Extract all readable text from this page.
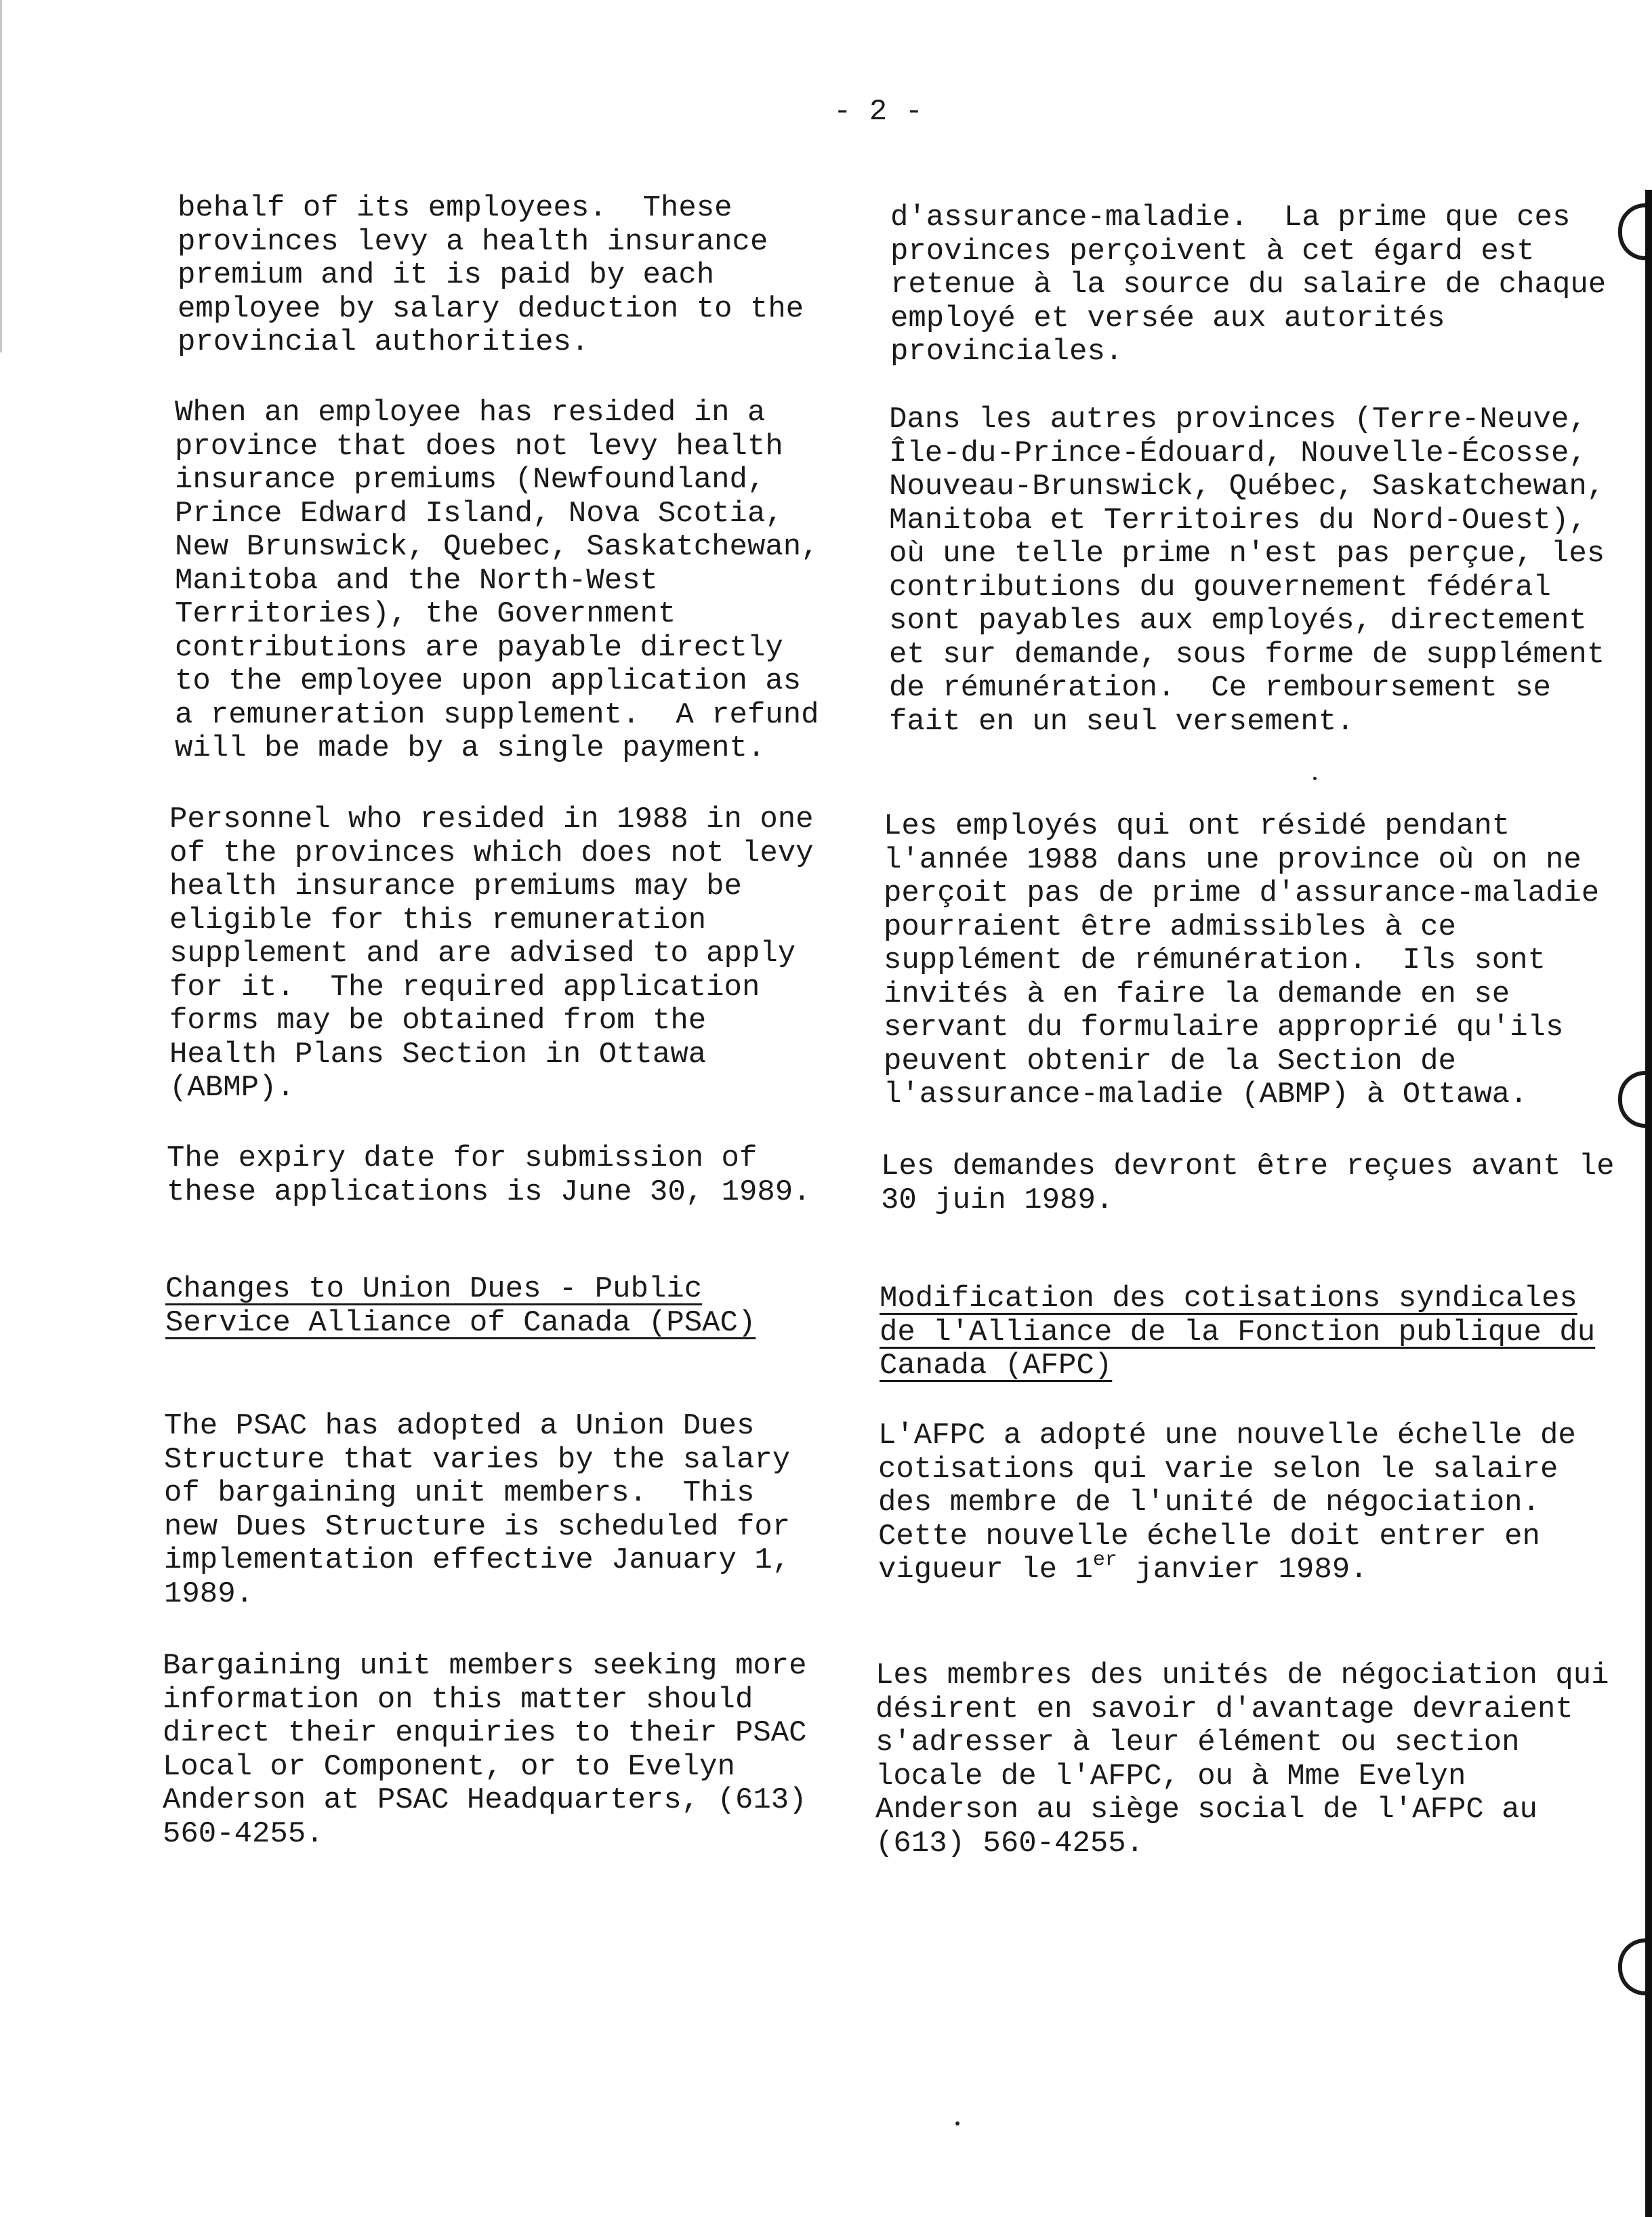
- 2 -
behalf of its employees.  These
provinces levy a health insurance
premium and it is paid by each
employee by salary deduction to the
provincial authorities.
When an employee has resided in a
province that does not levy health
insurance premiums (Newfoundland,
Prince Edward Island, Nova Scotia,
New Brunswick, Quebec, Saskatchewan,
Manitoba and the North-West
Territories), the Government
contributions are payable directly
to the employee upon application as
a remuneration supplement.  A refund
will be made by a single payment.
Personnel who resided in 1988 in one
of the provinces which does not levy
health insurance premiums may be
eligible for this remuneration
supplement and are advised to apply
for it.  The required application
forms may be obtained from the
Health Plans Section in Ottawa
(ABMP).
The expiry date for submission of
these applications is June 30, 1989.
Changes to Union Dues - Public
Service Alliance of Canada (PSAC)
The PSAC has adopted a Union Dues
Structure that varies by the salary
of bargaining unit members.  This
new Dues Structure is scheduled for
implementation effective January 1,
1989.
Bargaining unit members seeking more
information on this matter should
direct their enquiries to their PSAC
Local or Component, or to Evelyn
Anderson at PSAC Headquarters, (613)
560-4255.
d'assurance-maladie.  La prime que ces
provinces perçoivent à cet égard est
retenue à la source du salaire de chaque
employé et versée aux autorités
provinciales.
Dans les autres provinces (Terre-Neuve,
Île-du-Prince-Édouard, Nouvelle-Écosse,
Nouveau-Brunswick, Québec, Saskatchewan,
Manitoba et Territoires du Nord-Ouest),
où une telle prime n'est pas perçue, les
contributions du gouvernement fédéral
sont payables aux employés, directement
et sur demande, sous forme de supplément
de rémunération.  Ce remboursement se
fait en un seul versement.
Les employés qui ont résidé pendant
l'année 1988 dans une province où on ne
perçoit pas de prime d'assurance-maladie
pourraient être admissibles à ce
supplément de rémunération.  Ils sont
invités à en faire la demande en se
servant du formulaire approprié qu'ils
peuvent obtenir de la Section de
l'assurance-maladie (ABMP) à Ottawa.
Les demandes devront être reçues avant le
30 juin 1989.
Modification des cotisations syndicales
de l'Alliance de la Fonction publique du
Canada (AFPC)
L'AFPC a adopté une nouvelle échelle de
cotisations qui varie selon le salaire
des membre de l'unité de négociation.
Cette nouvelle échelle doit entrer en
vigueur le 1er janvier 1989.
Les membres des unités de négociation qui
désirent en savoir d'avantage devraient
s'adresser à leur élément ou section
locale de l'AFPC, ou à Mme Evelyn
Anderson au siège social de l'AFPC au
(613) 560-4255.
